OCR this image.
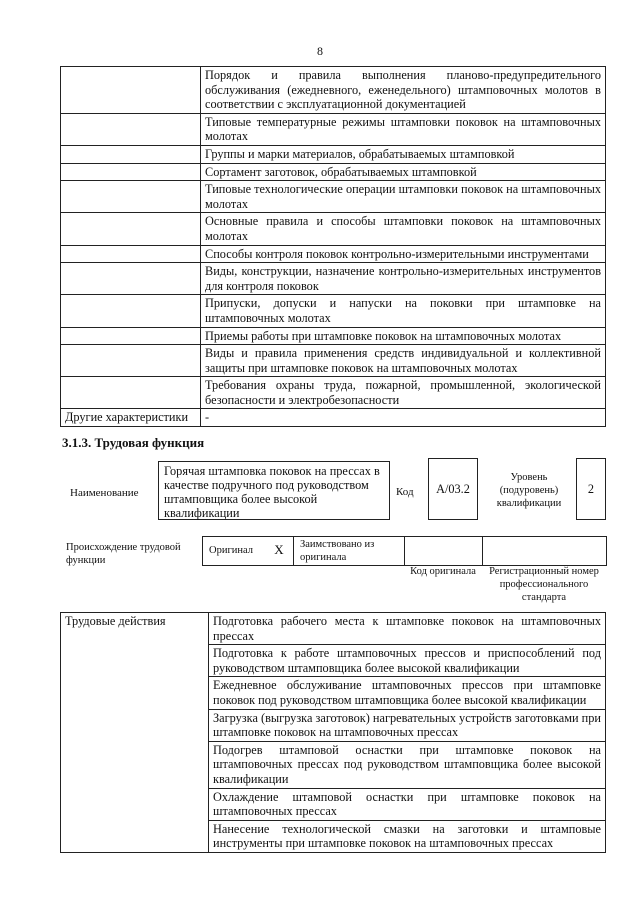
8
	Порядок и правила выполнения планово-предупредительного обслуживания (ежедневного, еженедельного) штамповочных молотов в соответствии с эксплуатационной документацией
	Типовые температурные режимы штамповки поковок на штамповочных молотах
	Группы и марки материалов, обрабатываемых штамповкой
	Сортамент заготовок, обрабатываемых штамповкой
	Типовые технологические операции штамповки поковок на штамповочных молотах
	Основные правила и способы штамповки поковок на штамповочных молотах
	Способы контроля поковок контрольно-измерительными инструментами
	Виды, конструкции, назначение контрольно-измерительных инструментов для контроля поковок
	Припуски, допуски и напуски на поковки при штамповке на штамповочных молотах
	Приемы работы при штамповке поковок на штамповочных молотах
	Виды и правила применения средств индивидуальной и коллективной защиты при штамповке поковок на штамповочных молотах
	Требования охраны труда, пожарной, промышленной, экологической безопасности и электробезопасности
Другие характеристики	-
3.1.3. Трудовая функция
Наименование
Горячая штамповка поковок на прессах в качестве подручного под руководством штамповщика более высокой квалификации
Код	А/03.2
Уровень (подуровень) квалификации
2
Происхождение трудовой функции
Оригинал	X	Заимствовано из оригинала
Код оригинала	Регистрационный номер профессионального стандарта
Трудовые действия	Подготовка рабочего места к штамповке поковок на штамповочных прессах
Подготовка к работе штамповочных прессов и приспособлений под руководством штамповщика более высокой квалификации
Ежедневное обслуживание штамповочных прессов при штамповке поковок под руководством штамповщика более высокой квалификации
Загрузка (выгрузка заготовок) нагревательных устройств заготовками при штамповке поковок на штамповочных прессах
Подогрев штамповой оснастки при штамповке поковок на штамповочных прессах под руководством штамповщика более высокой квалификации
Охлаждение штамповой оснастки при штамповке поковок на штамповочных прессах
Нанесение технологической смазки на заготовки и штамповые инструменты при штамповке поковок на штамповочных прессах
